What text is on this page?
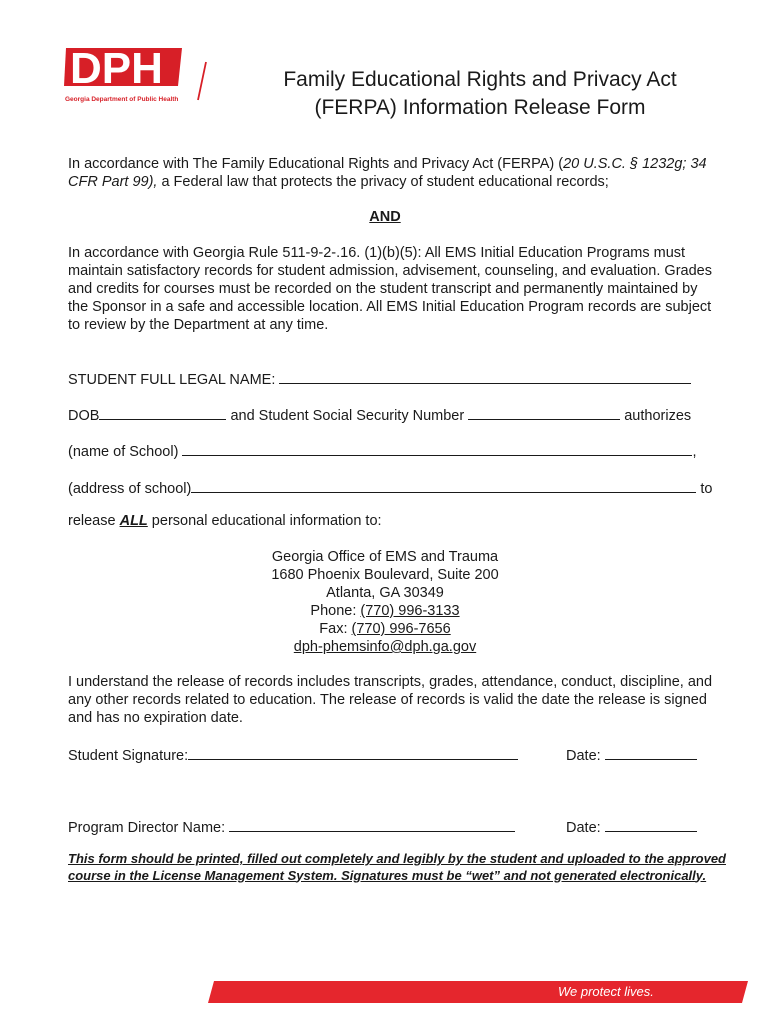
DPH
Georgia Department of Public Health
Family Educational Rights and Privacy Act
(FERPA) Information Release Form
In accordance with The Family Educational Rights and Privacy Act (FERPA) (20 U.S.C. § 1232g; 34 CFR Part 99), a Federal law that protects the privacy of student educational records;
AND
In accordance with Georgia Rule 511-9-2-.16. (1)(b)(5): All EMS Initial Education Programs must maintain satisfactory records for student admission, advisement, counseling, and evaluation. Grades and credits for courses must be recorded on the student transcript and permanently maintained by the Sponsor in a safe and accessible location. All EMS Initial Education Program records are subject to review by the Department at any time.
STUDENT FULL LEGAL NAME:
DOB	and Student Social Security Number	authorizes
(name of School)	,
(address of school)	to
release ALL personal educational information to:
Georgia Office of EMS and Trauma
1680 Phoenix Boulevard, Suite 200
Atlanta, GA 30349
Phone: (770) 996-3133
Fax: (770) 996-7656
dph-phemsinfo@dph.ga.gov
I understand the release of records includes transcripts, grades, attendance, conduct, discipline, and any other records related to education. The release of records is valid the date the release is signed and has no expiration date.
Student Signature:	Date:
Program Director Name:	Date:
This form should be printed, filled out completely and legibly by the student and uploaded to the approved course in the License Management System. Signatures must be “wet” and not generated electronically.
We protect lives.
